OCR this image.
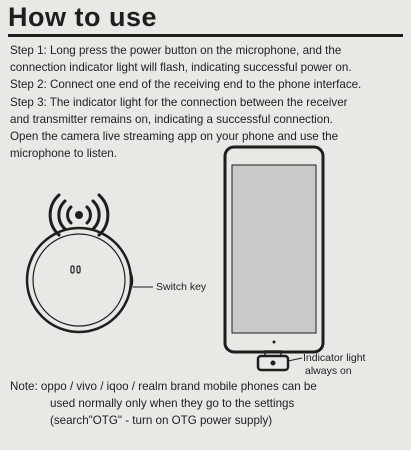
How to use

Step 1: Long press the power button on the microphone, and the

connection indicator light will flash, indicating successful power on.

Step 2: Connect one end of the receiving end to the phone interface.

Step 3: The indicator light for the connection between the receiver

and transmitter remains on, indicating a successful connection.

Open the camera live streaming app on your phone and use the

microphone to listen.

Switch key
Indicator light
always on

Note: oppo / vivo / iqoo / realm brand mobile phones can be

used normally only when they go to the settings

(search"OTG" - turn on OTG power supply)
